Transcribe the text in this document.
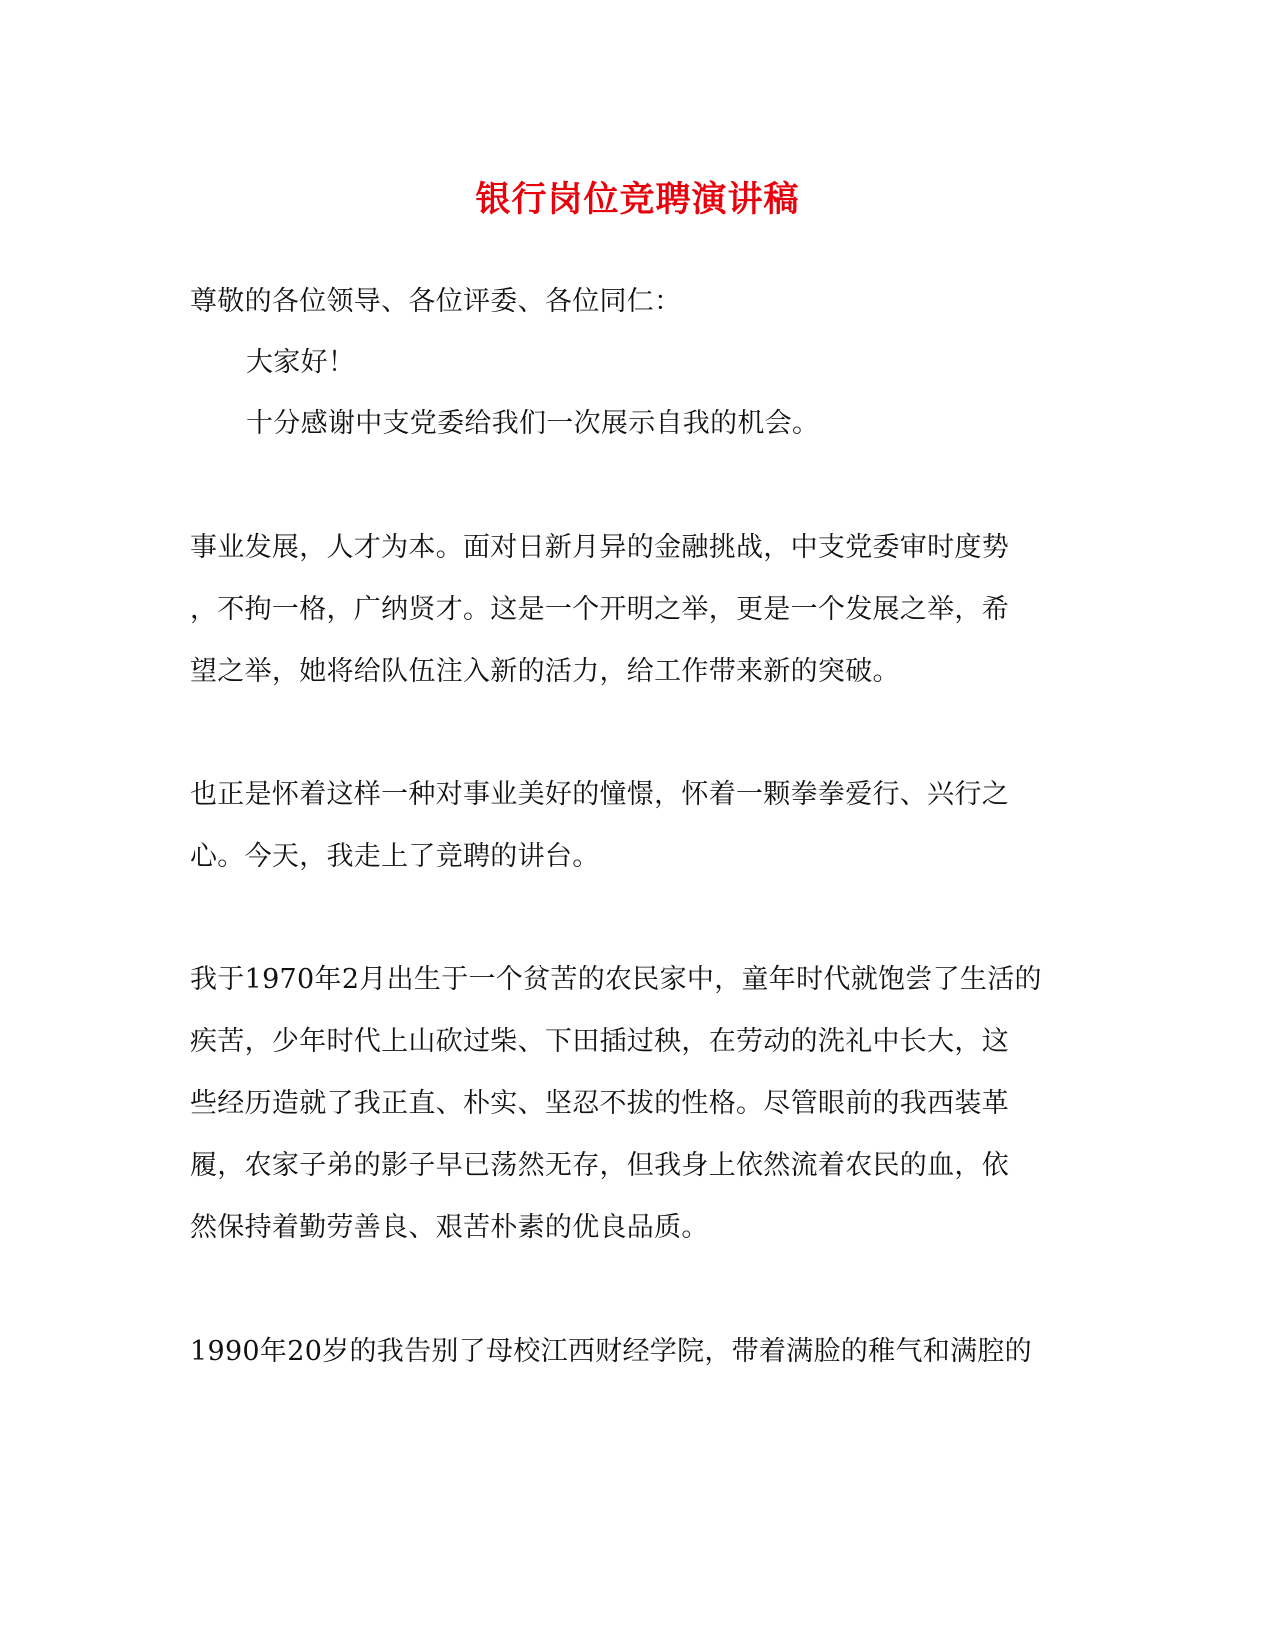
银行岗位竞聘演讲稿
尊敬的各位领导、各位评委、各位同仁：
大家好！
十分感谢中支党委给我们一次展示自我的机会。
事业发展，人才为本。面对日新月异的金融挑战，中支党委审时度势
，不拘一格，广纳贤才。这是一个开明之举，更是一个发展之举，希
望之举，她将给队伍注入新的活力，给工作带来新的突破。
也正是怀着这样一种对事业美好的憧憬，怀着一颗拳拳爱行、兴行之
心。今天，我走上了竞聘的讲台。
我于1970年2月出生于一个贫苦的农民家中，童年时代就饱尝了生活的
疾苦，少年时代上山砍过柴、下田插过秧，在劳动的洗礼中长大，这
些经历造就了我正直、朴实、坚忍不拔的性格。尽管眼前的我西装革
履，农家子弟的影子早已荡然无存，但我身上依然流着农民的血，依
然保持着勤劳善良、艰苦朴素的优良品质。
1990年20岁的我告别了母校江西财经学院，带着满脸的稚气和满腔的
